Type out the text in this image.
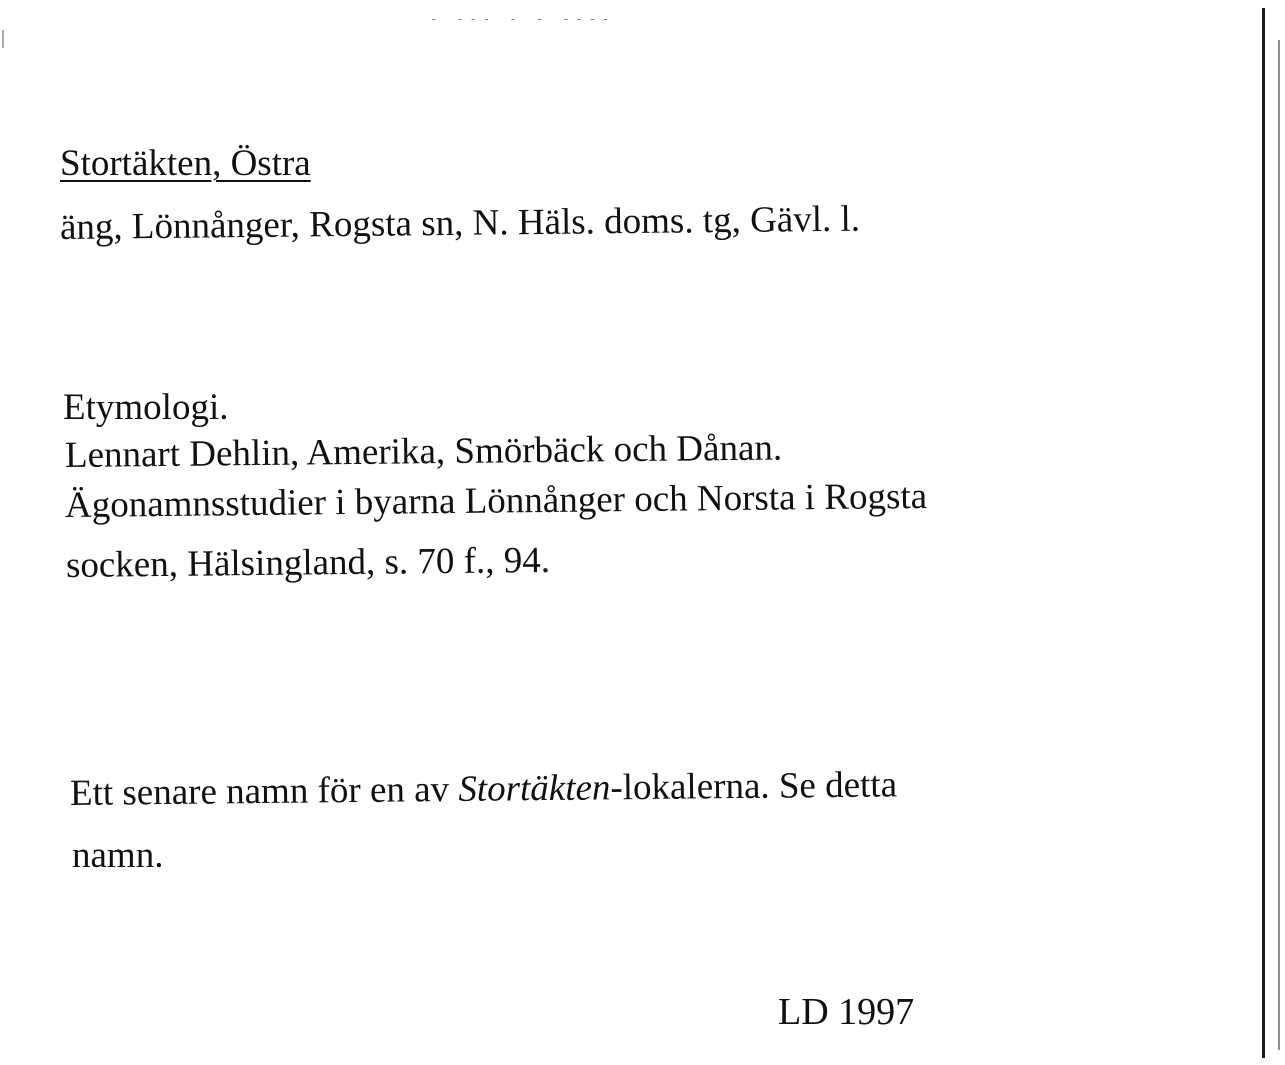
- --- - - ----
Stortäkten, Östra
äng, Lönnånger, Rogsta sn, N. Häls. doms. tg, Gävl. l.
Etymologi.
Lennart Dehlin, Amerika, Smörbäck och Dånan.
Ägonamnsstudier i byarna Lönnånger och Norsta i Rogsta
socken, Hälsingland, s. 70 f., 94.
Ett senare namn för en av Stortäkten-lokalerna. Se detta
namn.
LD 1997
